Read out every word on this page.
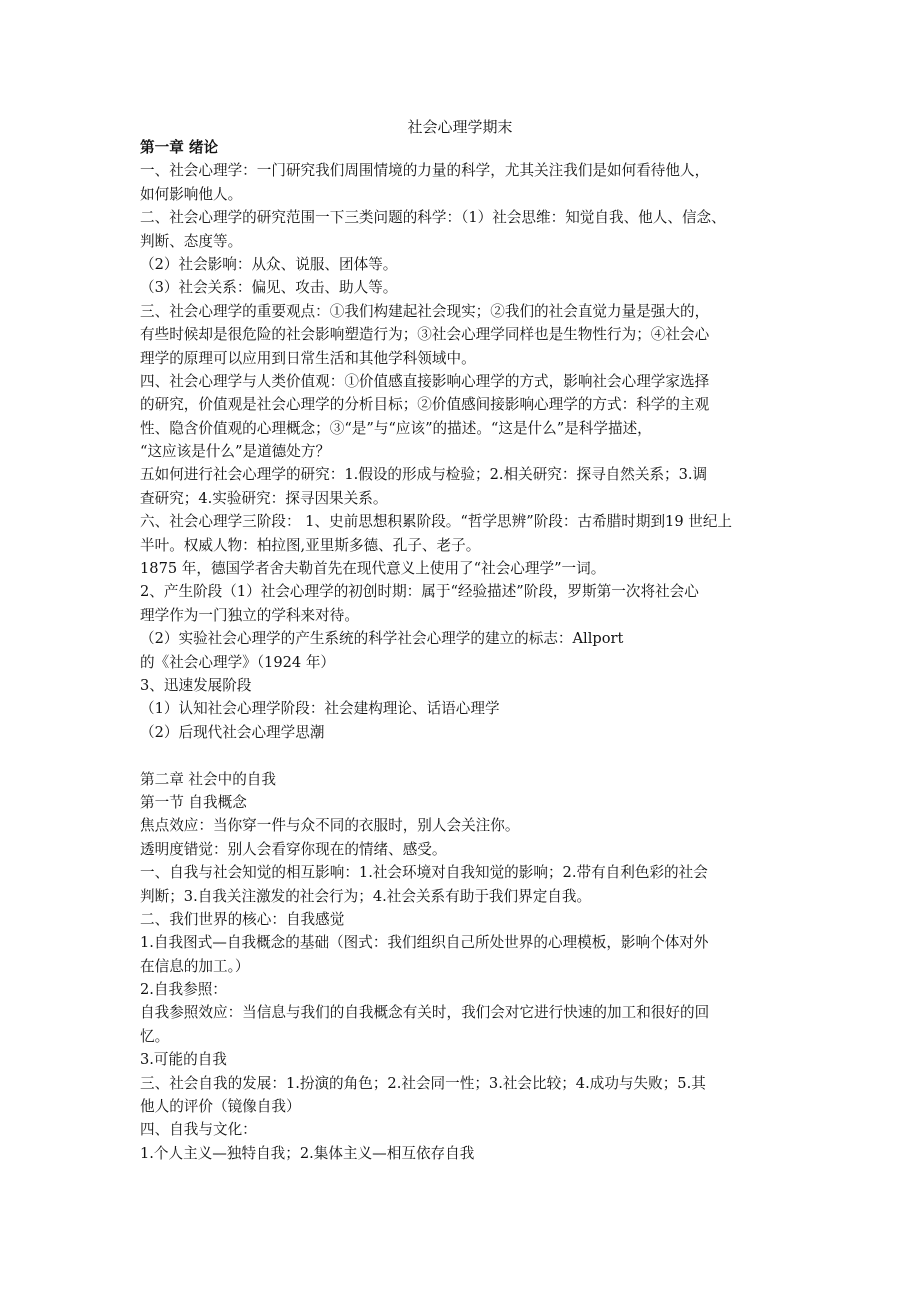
社会心理学期末
第一章 绪论
一、社会心理学：一门研究我们周围情境的力量的科学，尤其关注我们是如何看待他人，
如何影响他人。
二、社会心理学的研究范围一下三类问题的科学：（1）社会思维：知觉自我、他人、信念、
判断、态度等。
（2）社会影响：从众、说服、团体等。
（3）社会关系：偏见、攻击、助人等。
三、社会心理学的重要观点：①我们构建起社会现实；②我们的社会直觉力量是强大的，
有些时候却是很危险的社会影响塑造行为；③社会心理学同样也是生物性行为；④社会心
理学的原理可以应用到日常生活和其他学科领域中。
四、社会心理学与人类价值观：①价值感直接影响心理学的方式，影响社会心理学家选择
的研究，价值观是社会心理学的分析目标；②价值感间接影响心理学的方式：科学的主观
性、隐含价值观的心理概念；③“是”与“应该”的描述。“这是什么”是科学描述，
“这应该是什么”是道德处方？
五如何进行社会心理学的研究：1.假设的形成与检验；2.相关研究：探寻自然关系；3.调
查研究；4.实验研究：探寻因果关系。
六、社会心理学三阶段： 1、史前思想积累阶段。“哲学思辨”阶段：古希腊时期到19 世纪上
半叶。权威人物：柏拉图,亚里斯多德、孔子、老子。
1875 年，德国学者舍夫勒首先在现代意义上使用了“社会心理学”一词。
2、产生阶段（1）社会心理学的初创时期：属于“经验描述”阶段，罗斯第一次将社会心
理学作为一门独立的学科来对待。
（2）实验社会心理学的产生系统的科学社会心理学的建立的标志：Allport
的《社会心理学》（1924 年）
3、迅速发展阶段
（1）认知社会心理学阶段：社会建构理论、话语心理学
（2）后现代社会心理学思潮
第二章 社会中的自我
第一节 自我概念
焦点效应：当你穿一件与众不同的衣服时，别人会关注你。
透明度错觉：别人会看穿你现在的情绪、感受。
一、自我与社会知觉的相互影响：1.社会环境对自我知觉的影响；2.带有自利色彩的社会
判断；3.自我关注激发的社会行为；4.社会关系有助于我们界定自我。
二、我们世界的核心：自我感觉
1.自我图式—自我概念的基础（图式：我们组织自己所处世界的心理模板，影响个体对外
在信息的加工。）
2.自我参照：
自我参照效应：当信息与我们的自我概念有关时，我们会对它进行快速的加工和很好的回
忆。
3.可能的自我
三、社会自我的发展：1.扮演的角色；2.社会同一性；3.社会比较；4.成功与失败；5.其
他人的评价（镜像自我）
四、自我与文化：
1.个人主义—独特自我；2.集体主义—相互依存自我
